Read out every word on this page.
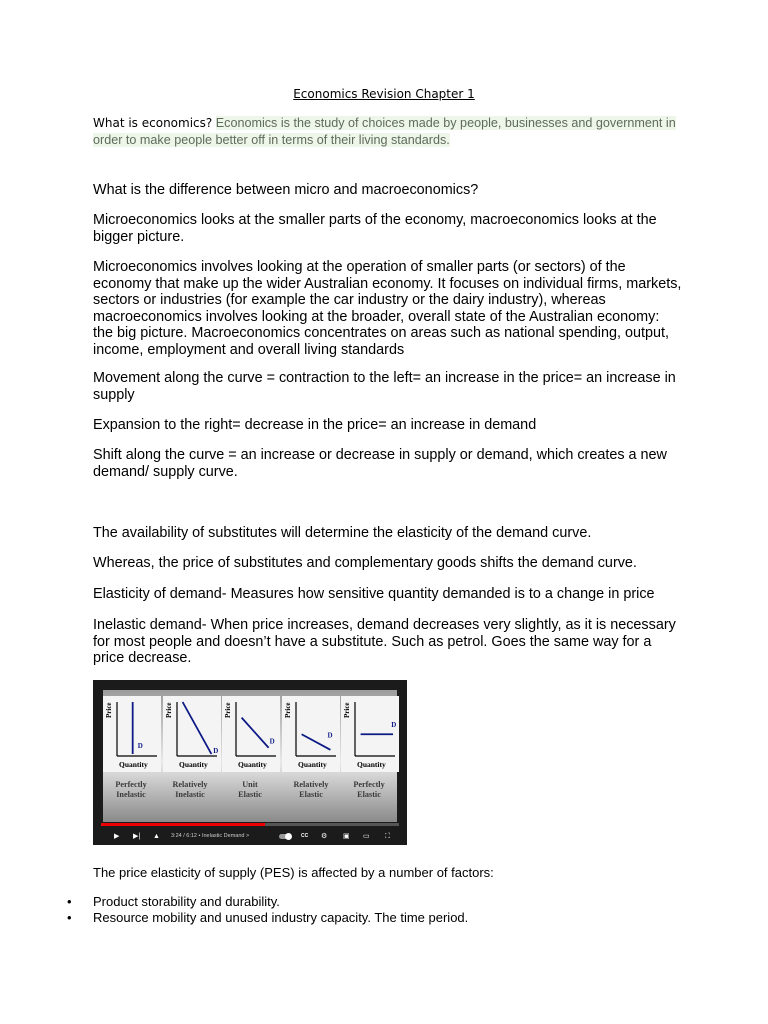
Economics Revision Chapter 1
What is economics? Economics is the study of choices made by people, businesses and government in order to make people better off in terms of their living standards.

What is the difference between micro and macroeconomics?

Microeconomics looks at the smaller parts of the economy, macroeconomics looks at the bigger picture.

Microeconomics involves looking at the operation of smaller parts (or sectors) of the economy that make up the wider Australian economy. It focuses on individual firms, markets, sectors or industries (for example the car industry or the dairy industry), whereas macroeconomics involves looking at the broader, overall state of the Australian economy: the big picture. Macroeconomics concentrates on areas such as national spending, output, income, employment and overall living standards

Movement along the curve = contraction to the left= an increase in the price= an increase in supply

Expansion to the right= decrease in the price= an increase in demand

Shift along the curve = an increase or decrease in supply or demand, which creates a new demand/ supply curve.

The availability of substitutes will determine the elasticity of the demand curve.

Whereas, the price of substitutes and complementary goods shifts the demand curve.

Elasticity of demand- Measures how sensitive quantity demanded is to a change in price

Inelastic demand- When price increases, demand decreases very slightly, as it is necessary for most people and doesn’t have a substitute. Such as petrol. Goes the same way for a price decrease.

Price
Quantity
D
Price
Quantity
D
Price
Quantity
D
Price
Quantity
D
Price
Quantity
D
Perfectly
Inelastic
Relatively
Inelastic
Unit
Elastic
Relatively
Elastic
Perfectly
Elastic
▶ ▶| ▲ 3:24 / 6:12 • Inelastic Demand >	CC ⚙ ▣ ▭ ⛶
The price elasticity of supply (PES) is affected by a number of factors:
• Product storability and durability.
• Resource mobility and unused industry capacity. The time period.
